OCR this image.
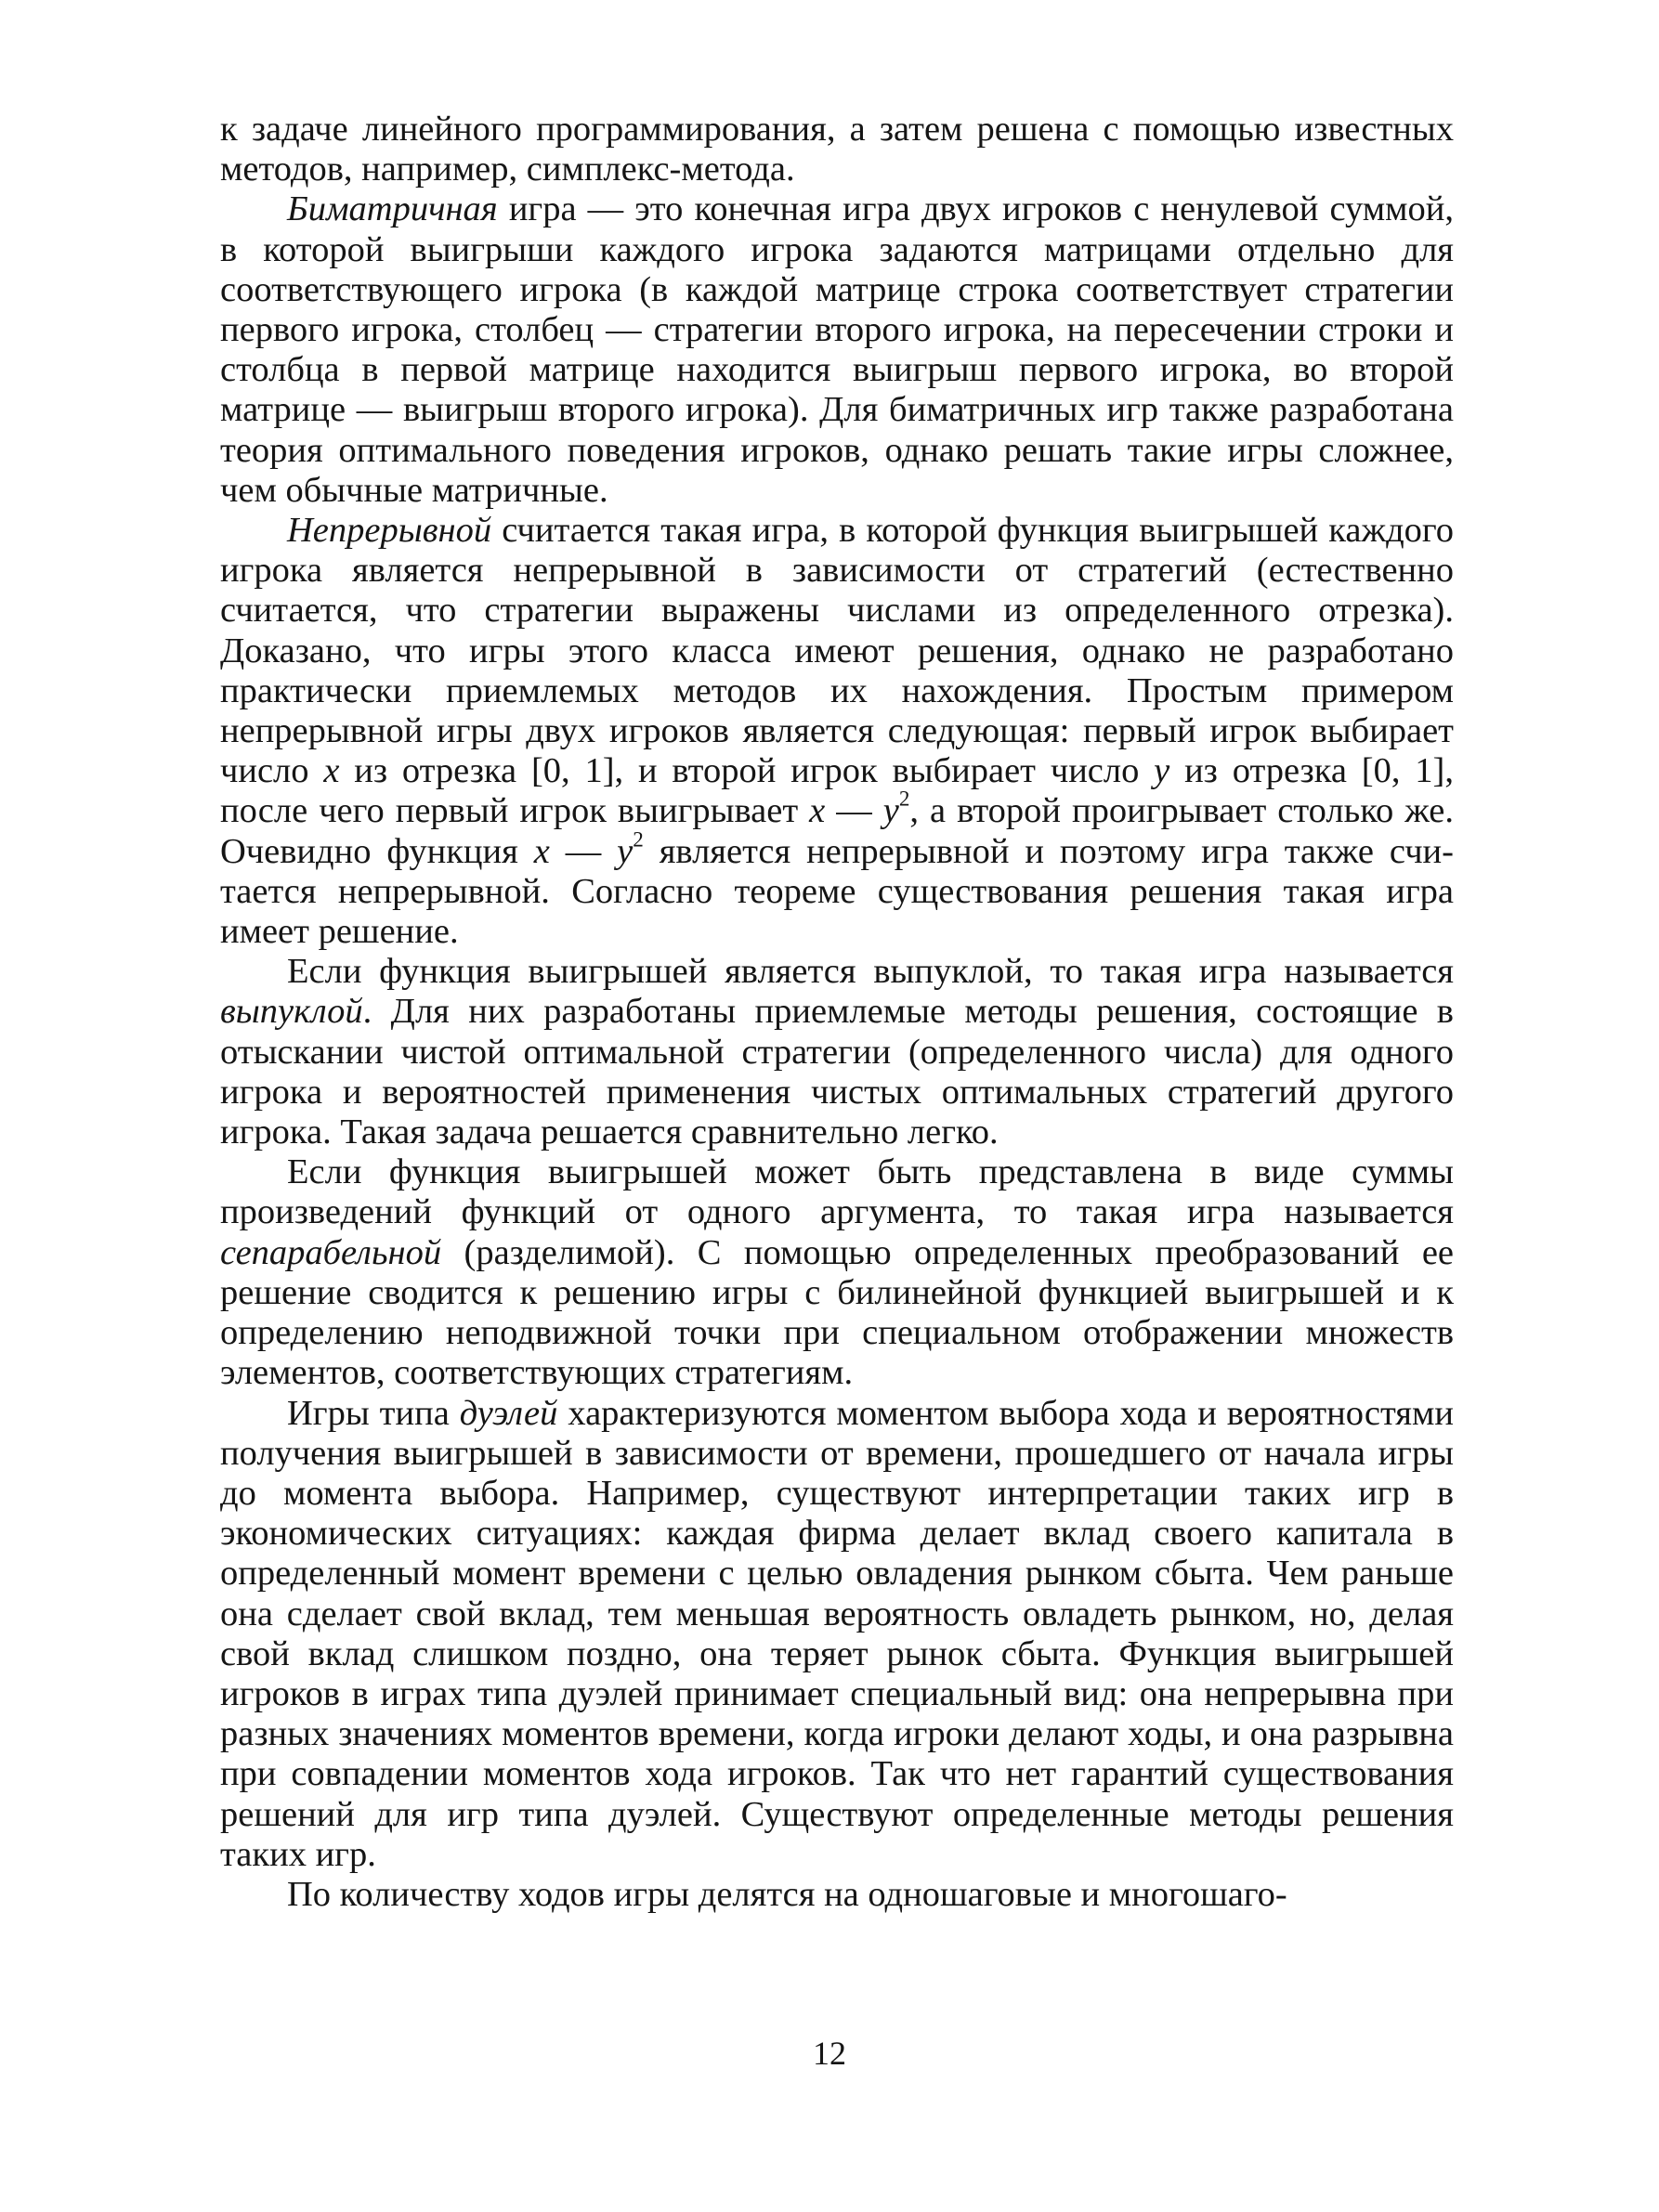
к задаче линейного программирования, а затем решена с помощью известных методов, например, симплекс-метода.

Биматричная игра — это конечная игра двух игроков с ненулевой суммой, в которой выигрыши каждого игрока задаются матрицами отдельно для соответствующего игрока (в каждой матрице строка соответствует стратегии первого игрока, столбец — стратегии второго игрока, на пересечении строки и столбца в первой матрице находится выигрыш первого игрока, во второй матрице — выигрыш второго игрока). Для биматричных игр также разработана теория оптимального поведения игроков, однако решать такие игры сложнее, чем обычные матричные.

Непрерывной считается такая игра, в которой функция выигрышей каждого игрока является непрерывной в зависимости от стратегий (естественно считается, что стратегии выражены числами из определенного отрезка). Доказано, что игры этого класса имеют решения, однако не разработано практически приемлемых методов их нахождения. Простым примером непрерывной игры двух игроков является следующая: первый игрок выбирает число x из отрезка [0, 1], и второй игрок выбирает число y из отрезка [0, 1], после чего первый игрок выигрывает x — $y^2$, а второй проигрывает столько же. Очевидно функция x — $y^2$ является непрерывной и поэтому игра также считается непрерывной. Согласно теореме существования решения такая игра имеет решение.

Если функция выигрышей является выпуклой, то такая игра называется выпуклой. Для них разработаны приемлемые методы решения, состоящие в отыскании чистой оптимальной стратегии (определенного числа) для одного игрока и вероятностей применения чистых оптимальных стратегий другого игрока. Такая задача решается сравнительно легко.

Если функция выигрышей может быть представлена в виде суммы произведений функций от одного аргумента, то такая игра называется сепарабельной (разделимой). С помощью определенных преобразований ее решение сводится к решению игры с билинейной функцией выигрышей и к определению неподвижной точки при специальном отображении множеств элементов, соответствующих стратегиям.

Игры типа дуэлей характеризуются моментом выбора хода и вероятностями получения выигрышей в зависимости от времени, прошедшего от начала игры до момента выбора. Например, существуют интерпретации таких игр в экономических ситуациях: каждая фирма делает вклад своего капитала в определенный момент времени с целью овладения рынком сбыта. Чем раньше она сделает свой вклад, тем меньшая вероятность овладеть рынком, но, делая свой вклад слишком поздно, она теряет рынок сбыта. Функция выигрышей игроков в играх типа дуэлей принимает специальный вид: она непрерывна при разных значениях моментов времени, когда игроки делают ходы, и она разрывна при совпадении моментов хода игроков. Так что нет гарантий существования решений для игр типа дуэлей. Существуют определенные методы решения таких игр.

По количеству ходов игры делятся на одношаговые и многошаго-

12
